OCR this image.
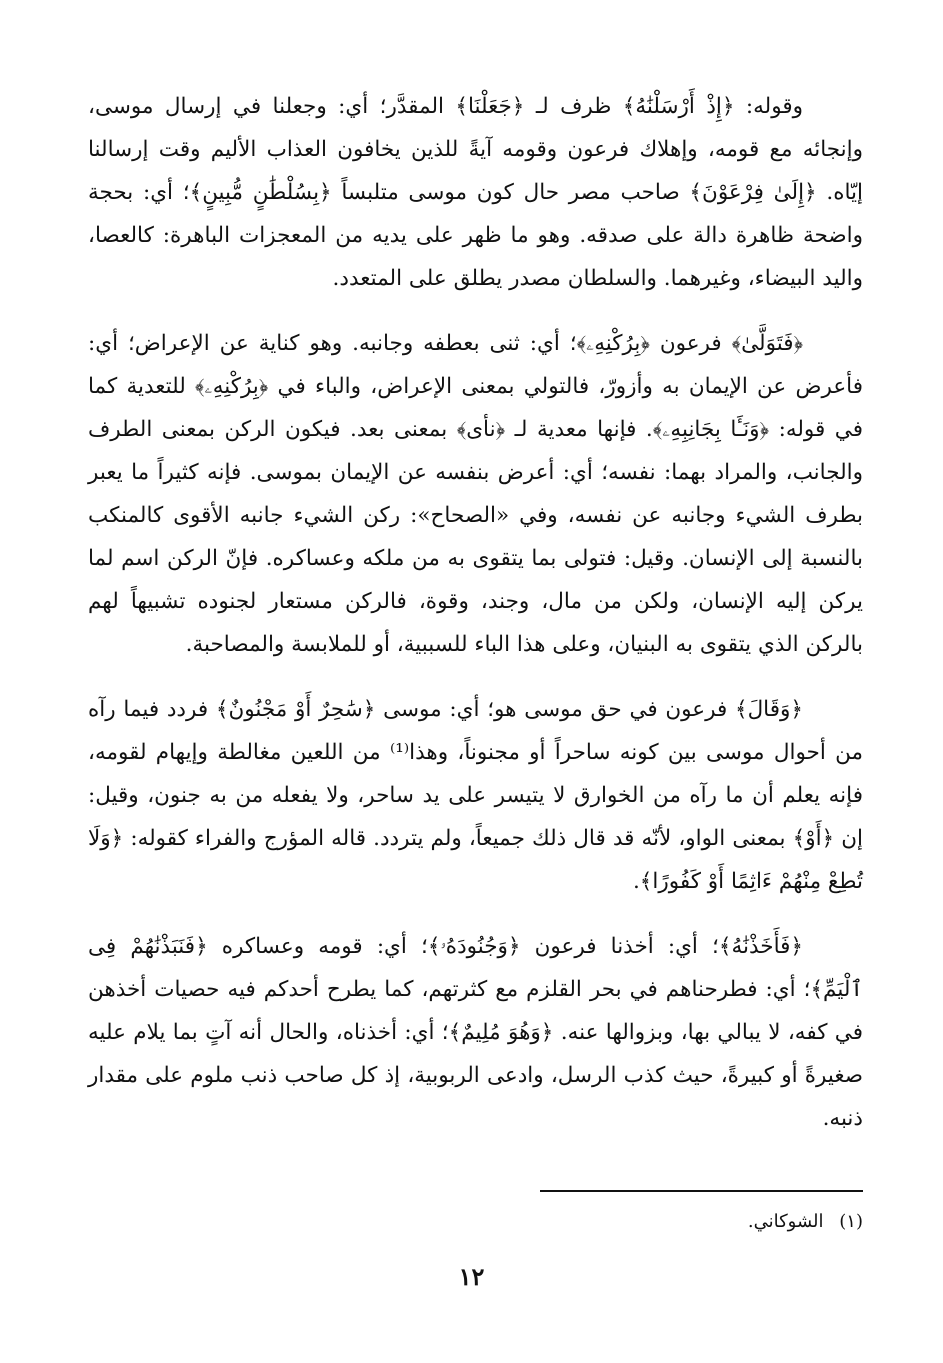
وقوله: ﴿إِذْ أَرْسَلْنَٰهُ﴾ ظرف لـ ﴿جَعَلْنَا﴾ المقدَّر؛ أي: وجعلنا في إرسال موسى، وإنجائه مع قومه، وإهلاك فرعون وقومه آيةً للذين يخافون العذاب الأليم وقت إرسالنا إيّاه. ﴿إِلَىٰ فِرْعَوْنَ﴾ صاحب مصر حال كون موسى متلبساً ﴿بِسُلْطَٰنٍ مُّبِينٍ﴾؛ أي: بحجة واضحة ظاهرة دالة على صدقه. وهو ما ظهر على يديه من المعجزات الباهرة: كالعصا، واليد البيضاء، وغيرهما. والسلطان مصدر يطلق على المتعدد.

﴿فَتَوَلَّىٰ﴾ فرعون ﴿بِرُكْنِهِۦ﴾؛ أي: ثنى بعطفه وجانبه. وهو كناية عن الإعراض؛ أي: فأعرض عن الإيمان به وأزورّ، فالتولي بمعنى الإعراض، والباء في ﴿بِرُكْنِهِۦ﴾ للتعدية كما في قوله: ﴿وَنَـَٔا بِجَانِبِهِۦ﴾. فإنها معدية لـ ﴿نأى﴾ بمعنى بعد. فيكون الركن بمعنى الطرف والجانب، والمراد بهما: نفسه؛ أي: أعرض بنفسه عن الإيمان بموسى. فإنه كثيراً ما يعبر بطرف الشيء وجانبه عن نفسه، وفي «الصحاح»: ركن الشيء جانبه الأقوى كالمنكب بالنسبة إلى الإنسان. وقيل: فتولى بما يتقوى به من ملكه وعساكره. فإنّ الركن اسم لما يركن إليه الإنسان، ولكن من مال، وجند، وقوة، فالركن مستعار لجنوده تشبيهاً لهم بالركن الذي يتقوى به البنيان، وعلى هذا الباء للسببية، أو للملابسة والمصاحبة.

﴿وَقَالَ﴾ فرعون في حق موسى هو؛ أي: موسى ﴿سَٰحِرٌ أَوْ مَجْنُونٌ﴾ فردد فيما رآه من أحوال موسى بين كونه ساحراً أو مجنوناً، وهذا⁽¹⁾ من اللعين مغالطة وإيهام لقومه، فإنه يعلم أن ما رآه من الخوارق لا يتيسر على يد ساحر، ولا يفعله من به جنون، وقيل: إن ﴿أَوْ﴾ بمعنى الواو، لأنّه قد قال ذلك جميعاً، ولم يتردد. قاله المؤرج والفراء كقوله: ﴿وَلَا تُطِعْ مِنْهُمْ ءَاثِمًا أَوْ كَفُورًا﴾.

﴿فَأَخَذْنَٰهُ﴾؛ أي: أخذنا فرعون ﴿وَجُنُودَهُۥ﴾؛ أي: قومه وعساكره ﴿فَنَبَذْنَٰهُمْ فِى ٱلْيَمِّ﴾؛ أي: فطرحناهم في بحر القلزم مع كثرتهم، كما يطرح أحدكم فيه حصيات أخذهن في كفه، لا يبالي بها، وبزوالها عنه. ﴿وَهُوَ مُلِيمٌ﴾؛ أي: أخذناه، والحال أنه آتٍ بما يلام عليه صغيرةً أو كبيرةً، حيث كذب الرسل، وادعى الربوبية، إذ كل صاحب ذنب ملوم على مقدار ذنبه.

(١) الشوكاني.
١٢
